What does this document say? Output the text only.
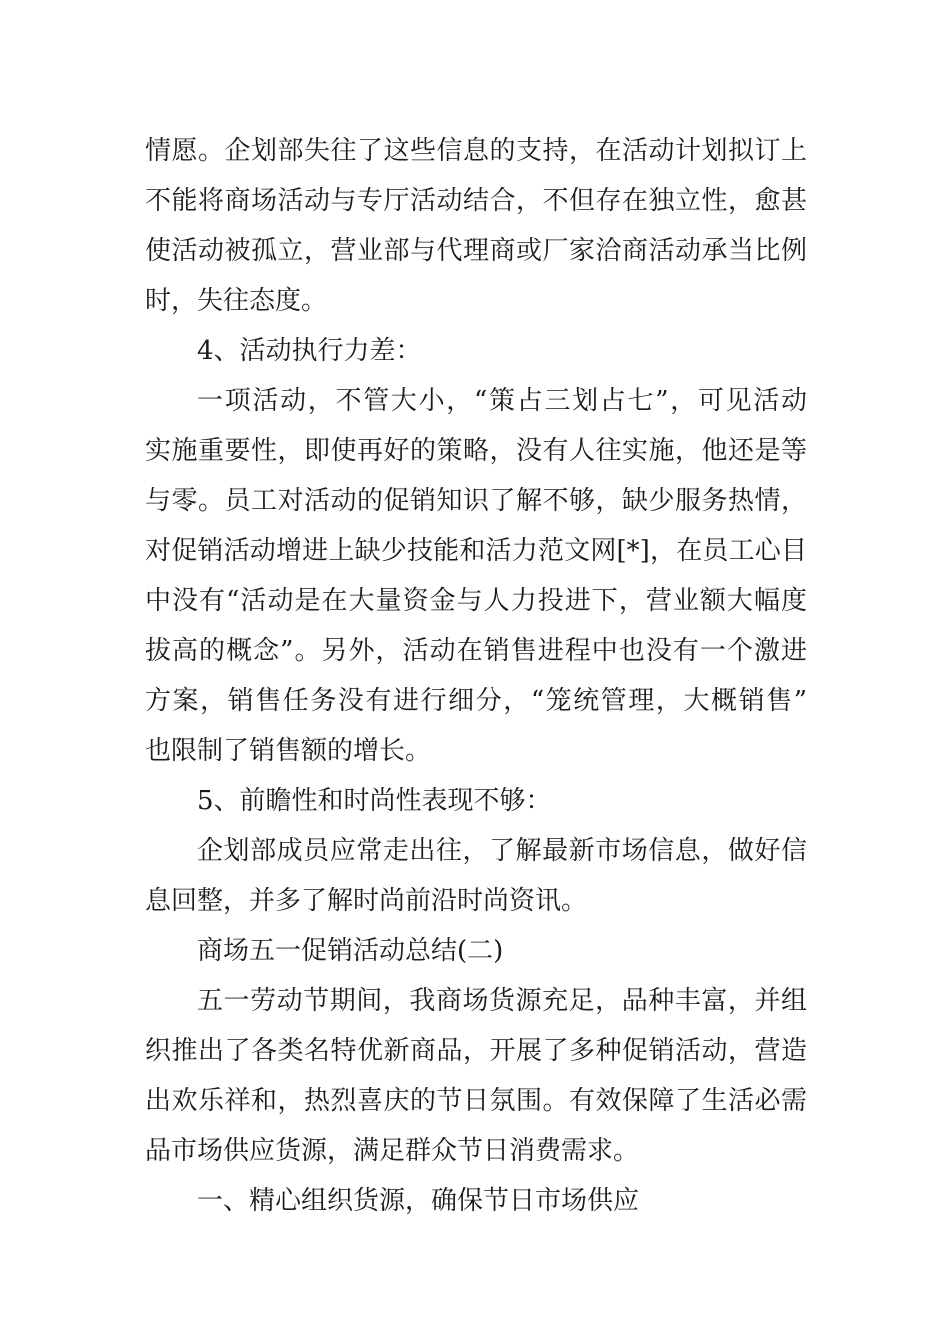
情愿。企划部失往了这些信息的支持，在活动计划拟订上
不能将商场活动与专厅活动结合，不但存在独立性，愈甚
使活动被孤立，营业部与代理商或厂家洽商活动承当比例
时，失往态度。
4、活动执行力差：
一项活动，不管大小，“策占三划占七”，可见活动
实施重要性，即使再好的策略，没有人往实施，他还是等
与零。员工对活动的促销知识了解不够，缺少服务热情，
对促销活动增进上缺少技能和活力范文网[*]，在员工心目
中没有“活动是在大量资金与人力投进下，营业额大幅度
拔高的概念”。另外，活动在销售进程中也没有一个激进
方案，销售任务没有进行细分，“笼统管理，大概销售”
也限制了销售额的增长。
5、前瞻性和时尚性表现不够：
企划部成员应常走出往，了解最新市场信息，做好信
息回整，并多了解时尚前沿时尚资讯。
商场五一促销活动总结(二)
五一劳动节期间，我商场货源充足，品种丰富，并组
织推出了各类名特优新商品，开展了多种促销活动，营造
出欢乐祥和，热烈喜庆的节日氛围。有效保障了生活必需
品市场供应货源，满足群众节日消费需求。
一、精心组织货源，确保节日市场供应
